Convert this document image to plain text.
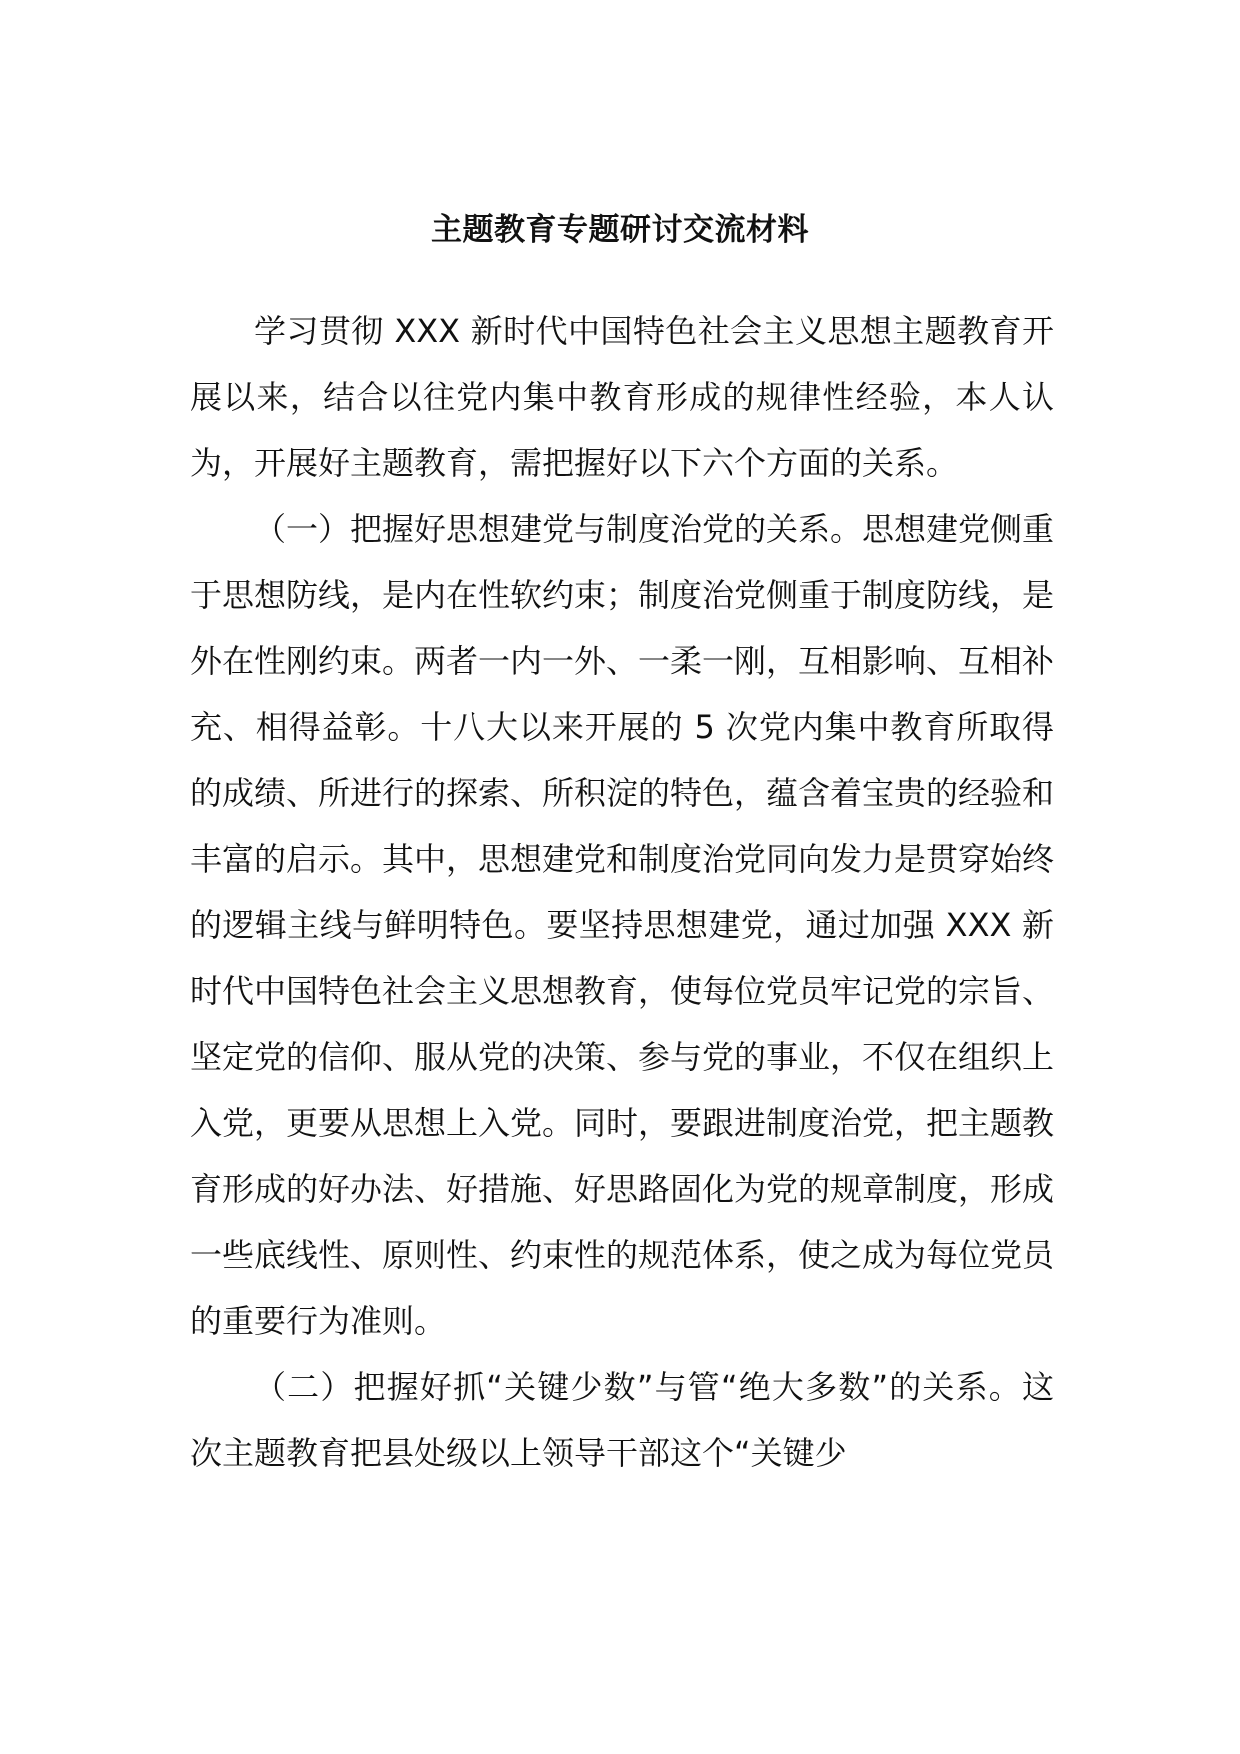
主题教育专题研讨交流材料

学习贯彻 XXX 新时代中国特色社会主义思想主题教育开展以来，结合以往党内集中教育形成的规律性经验，本人认为，开展好主题教育，需把握好以下六个方面的关系。

（一）把握好思想建党与制度治党的关系。思想建党侧重于思想防线，是内在性软约束；制度治党侧重于制度防线，是外在性刚约束。两者一内一外、一柔一刚，互相影响、互相补充、相得益彰。十八大以来开展的 5 次党内集中教育所取得的成绩、所进行的探索、所积淀的特色，蕴含着宝贵的经验和丰富的启示。其中，思想建党和制度治党同向发力是贯穿始终的逻辑主线与鲜明特色。要坚持思想建党，通过加强 XXX 新时代中国特色社会主义思想教育，使每位党员牢记党的宗旨、坚定党的信仰、服从党的决策、参与党的事业，不仅在组织上入党，更要从思想上入党。同时，要跟进制度治党，把主题教育形成的好办法、好措施、好思路固化为党的规章制度，形成一些底线性、原则性、约束性的规范体系，使之成为每位党员的重要行为准则。

（二）把握好抓“关键少数”与管“绝大多数”的关系。这次主题教育把县处级以上领导干部这个“关键少
